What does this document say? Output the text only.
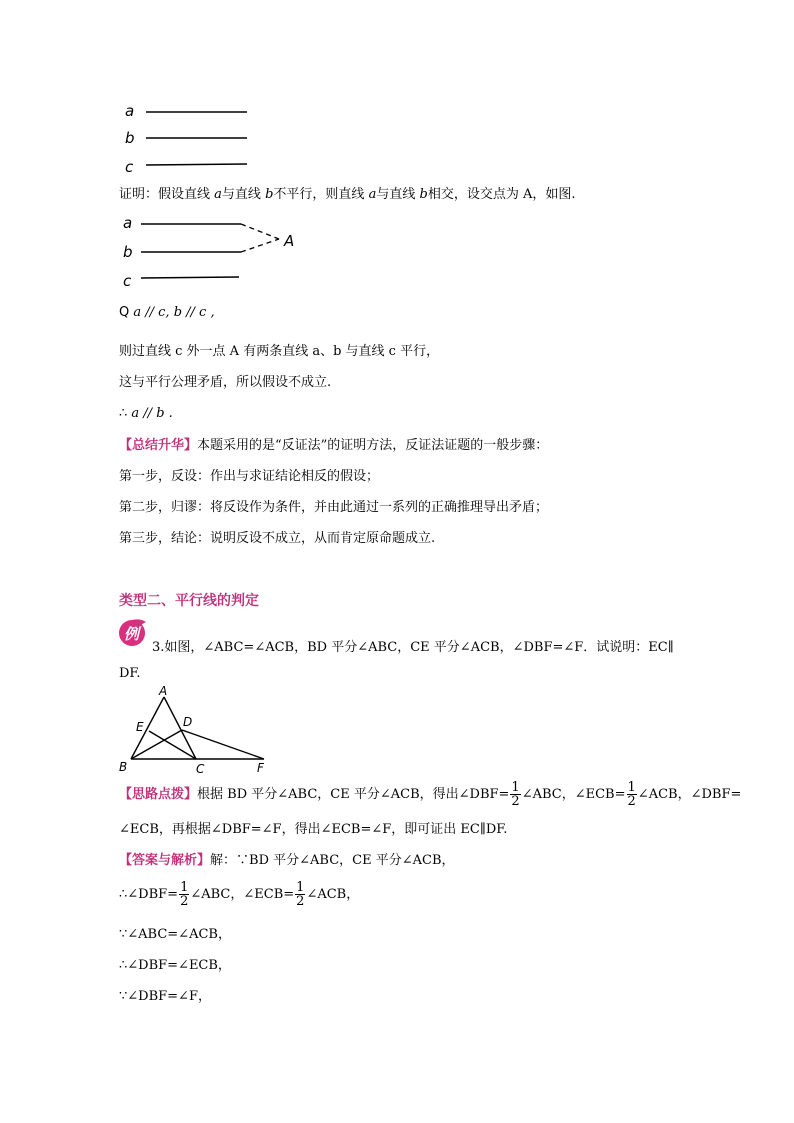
a
b
c
证明：假设直线 a与直线 b不平行，则直线 a与直线 b相交，设交点为 A，如图.
a
b
A
c
Q a // c, b // c ,
则过直线 c 外一点 A 有两条直线 a、b 与直线 c 平行，
这与平行公理矛盾，所以假设不成立.
∴ a // b .
【总结升华】本题采用的是“反证法”的证明方法，反证法证题的一般步骤：
第一步，反设：作出与求证结论相反的假设；
第二步，归谬：将反设作为条件，并由此通过一系列的正确推理导出矛盾；
第三步，结论：说明反设不成立，从而肯定原命题成立.
类型二、平行线的判定
例
3.如图，∠ABC=∠ACB，BD 平分∠ABC，CE 平分∠ACB，∠DBF=∠F．试说明：EC∥
DF.
A
E	D
B	C	F
【思路点拨】根据 BD 平分∠ABC，CE 平分∠ACB，得出∠DBF= $\frac{1}{2}$ ∠ABC，∠ECB= $\frac{1}{2}$ ∠ACB，∠DBF=
∠ECB，再根据∠DBF=∠F，得出∠ECB=∠F，即可证出 EC∥DF.
【答案与解析】解：∵BD 平分∠ABC，CE 平分∠ACB，
∴∠DBF= $\frac{1}{2}$ ∠ABC，∠ECB= $\frac{1}{2}$ ∠ACB，
∵∠ABC=∠ACB，
∴∠DBF=∠ECB，
∵∠DBF=∠F，
